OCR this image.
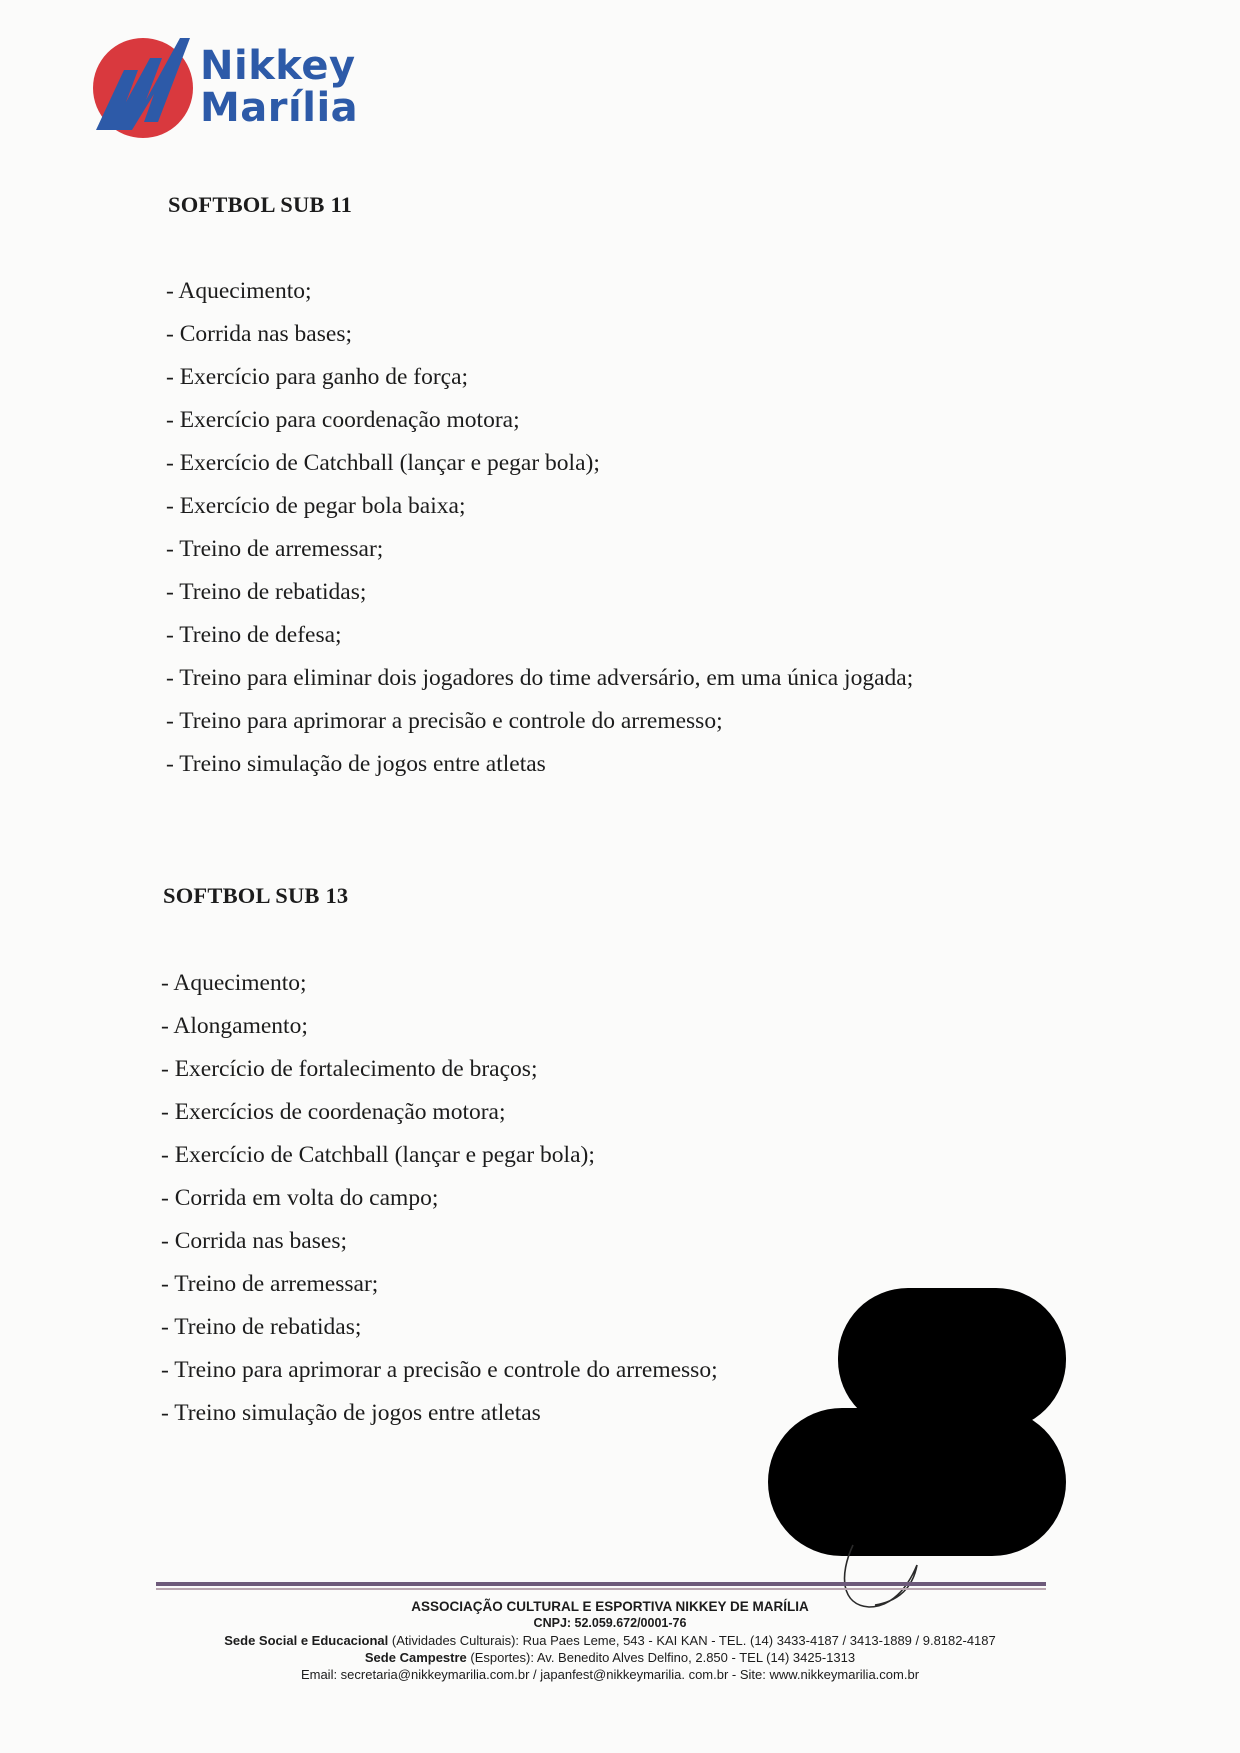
Nikkey
Marília
SOFTBOL SUB 11
- Aquecimento;
- Corrida nas bases;
- Exercício para ganho de força;
- Exercício para coordenação motora;
- Exercício de Catchball (lançar e pegar bola);
- Exercício de pegar bola baixa;
- Treino de arremessar;
- Treino de rebatidas;
- Treino de defesa;
- Treino para eliminar dois jogadores do time adversário, em uma única jogada;
- Treino para aprimorar a precisão e controle do arremesso;
- Treino simulação de jogos entre atletas
SOFTBOL SUB 13
- Aquecimento;
- Alongamento;
- Exercício de fortalecimento de braços;
- Exercícios de coordenação motora;
- Exercício de Catchball (lançar e pegar bola);
- Corrida em volta do campo;
- Corrida nas bases;
- Treino de arremessar;
- Treino de rebatidas;
- Treino para aprimorar a precisão e controle do arremesso;
- Treino simulação de jogos entre atletas
ASSOCIAÇÃO CULTURAL E ESPORTIVA NIKKEY DE MARÍLIA
CNPJ: 52.059.672/0001-76
Sede Social e Educacional (Atividades Culturais): Rua Paes Leme, 543 - KAI KAN - TEL. (14) 3433-4187 / 3413-1889 / 9.8182-4187
Sede Campestre (Esportes): Av. Benedito Alves Delfino, 2.850 - TEL (14) 3425-1313
Email: secretaria@nikkeymarilia.com.br / japanfest@nikkeymarilia. com.br - Site: www.nikkeymarilia.com.br
